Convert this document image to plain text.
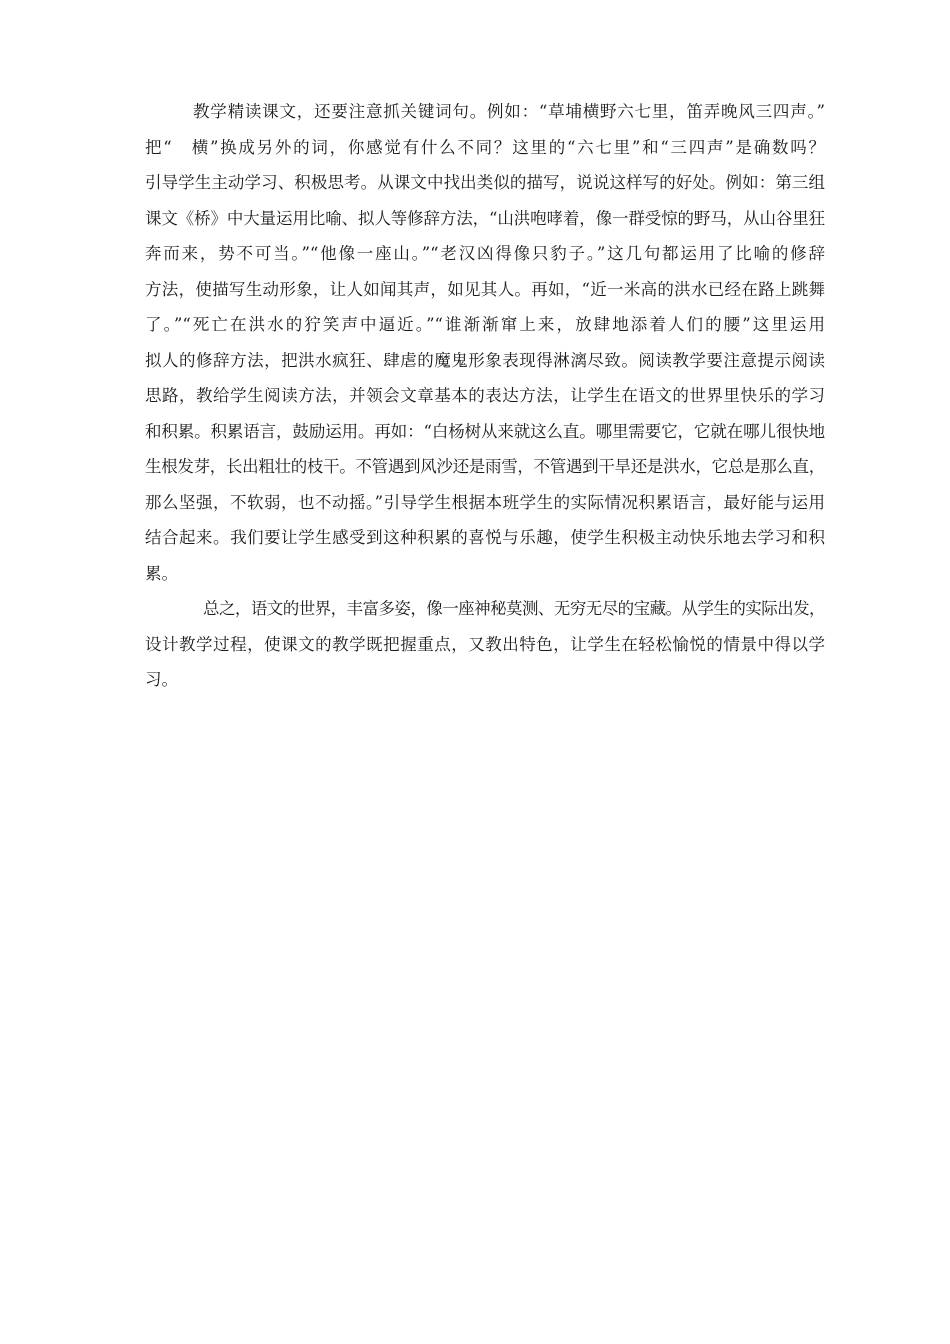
教学精读课文，还要注意抓关键词句。例如：“草埔横野六七里，笛弄晚风三四声。”
把“　横”换成另外的词，你感觉有什么不同？这里的“六七里”和“三四声”是确数吗？
引导学生主动学习、积极思考。从课文中找出类似的描写，说说这样写的好处。例如：第三组
课文《桥》中大量运用比喻、拟人等修辞方法，“山洪咆哮着，像一群受惊的野马，从山谷里狂
奔而来，势不可当。”“他像一座山。”“老汉凶得像只豹子。”这几句都运用了比喻的修辞
方法，使描写生动形象，让人如闻其声，如见其人。再如，“近一米高的洪水已经在路上跳舞
了。”“死亡在洪水的狞笑声中逼近。”“谁渐渐窜上来，放肆地添着人们的腰”这里运用
拟人的修辞方法，把洪水疯狂、肆虐的魔鬼形象表现得淋漓尽致。阅读教学要注意提示阅读
思路，教给学生阅读方法，并领会文章基本的表达方法，让学生在语文的世界里快乐的学习
和积累。积累语言，鼓励运用。再如：“白杨树从来就这么直。哪里需要它，它就在哪儿很快地
生根发芽，长出粗壮的枝干。不管遇到风沙还是雨雪，不管遇到干旱还是洪水，它总是那么直，
那么坚强，不软弱，也不动摇。”引导学生根据本班学生的实际情况积累语言，最好能与运用
结合起来。我们要让学生感受到这种积累的喜悦与乐趣，使学生积极主动快乐地去学习和积
累。
总之，语文的世界，丰富多姿，像一座神秘莫测、无穷无尽的宝藏。从学生的实际出发，
设计教学过程，使课文的教学既把握重点，又教出特色，让学生在轻松愉悦的情景中得以学
习。
